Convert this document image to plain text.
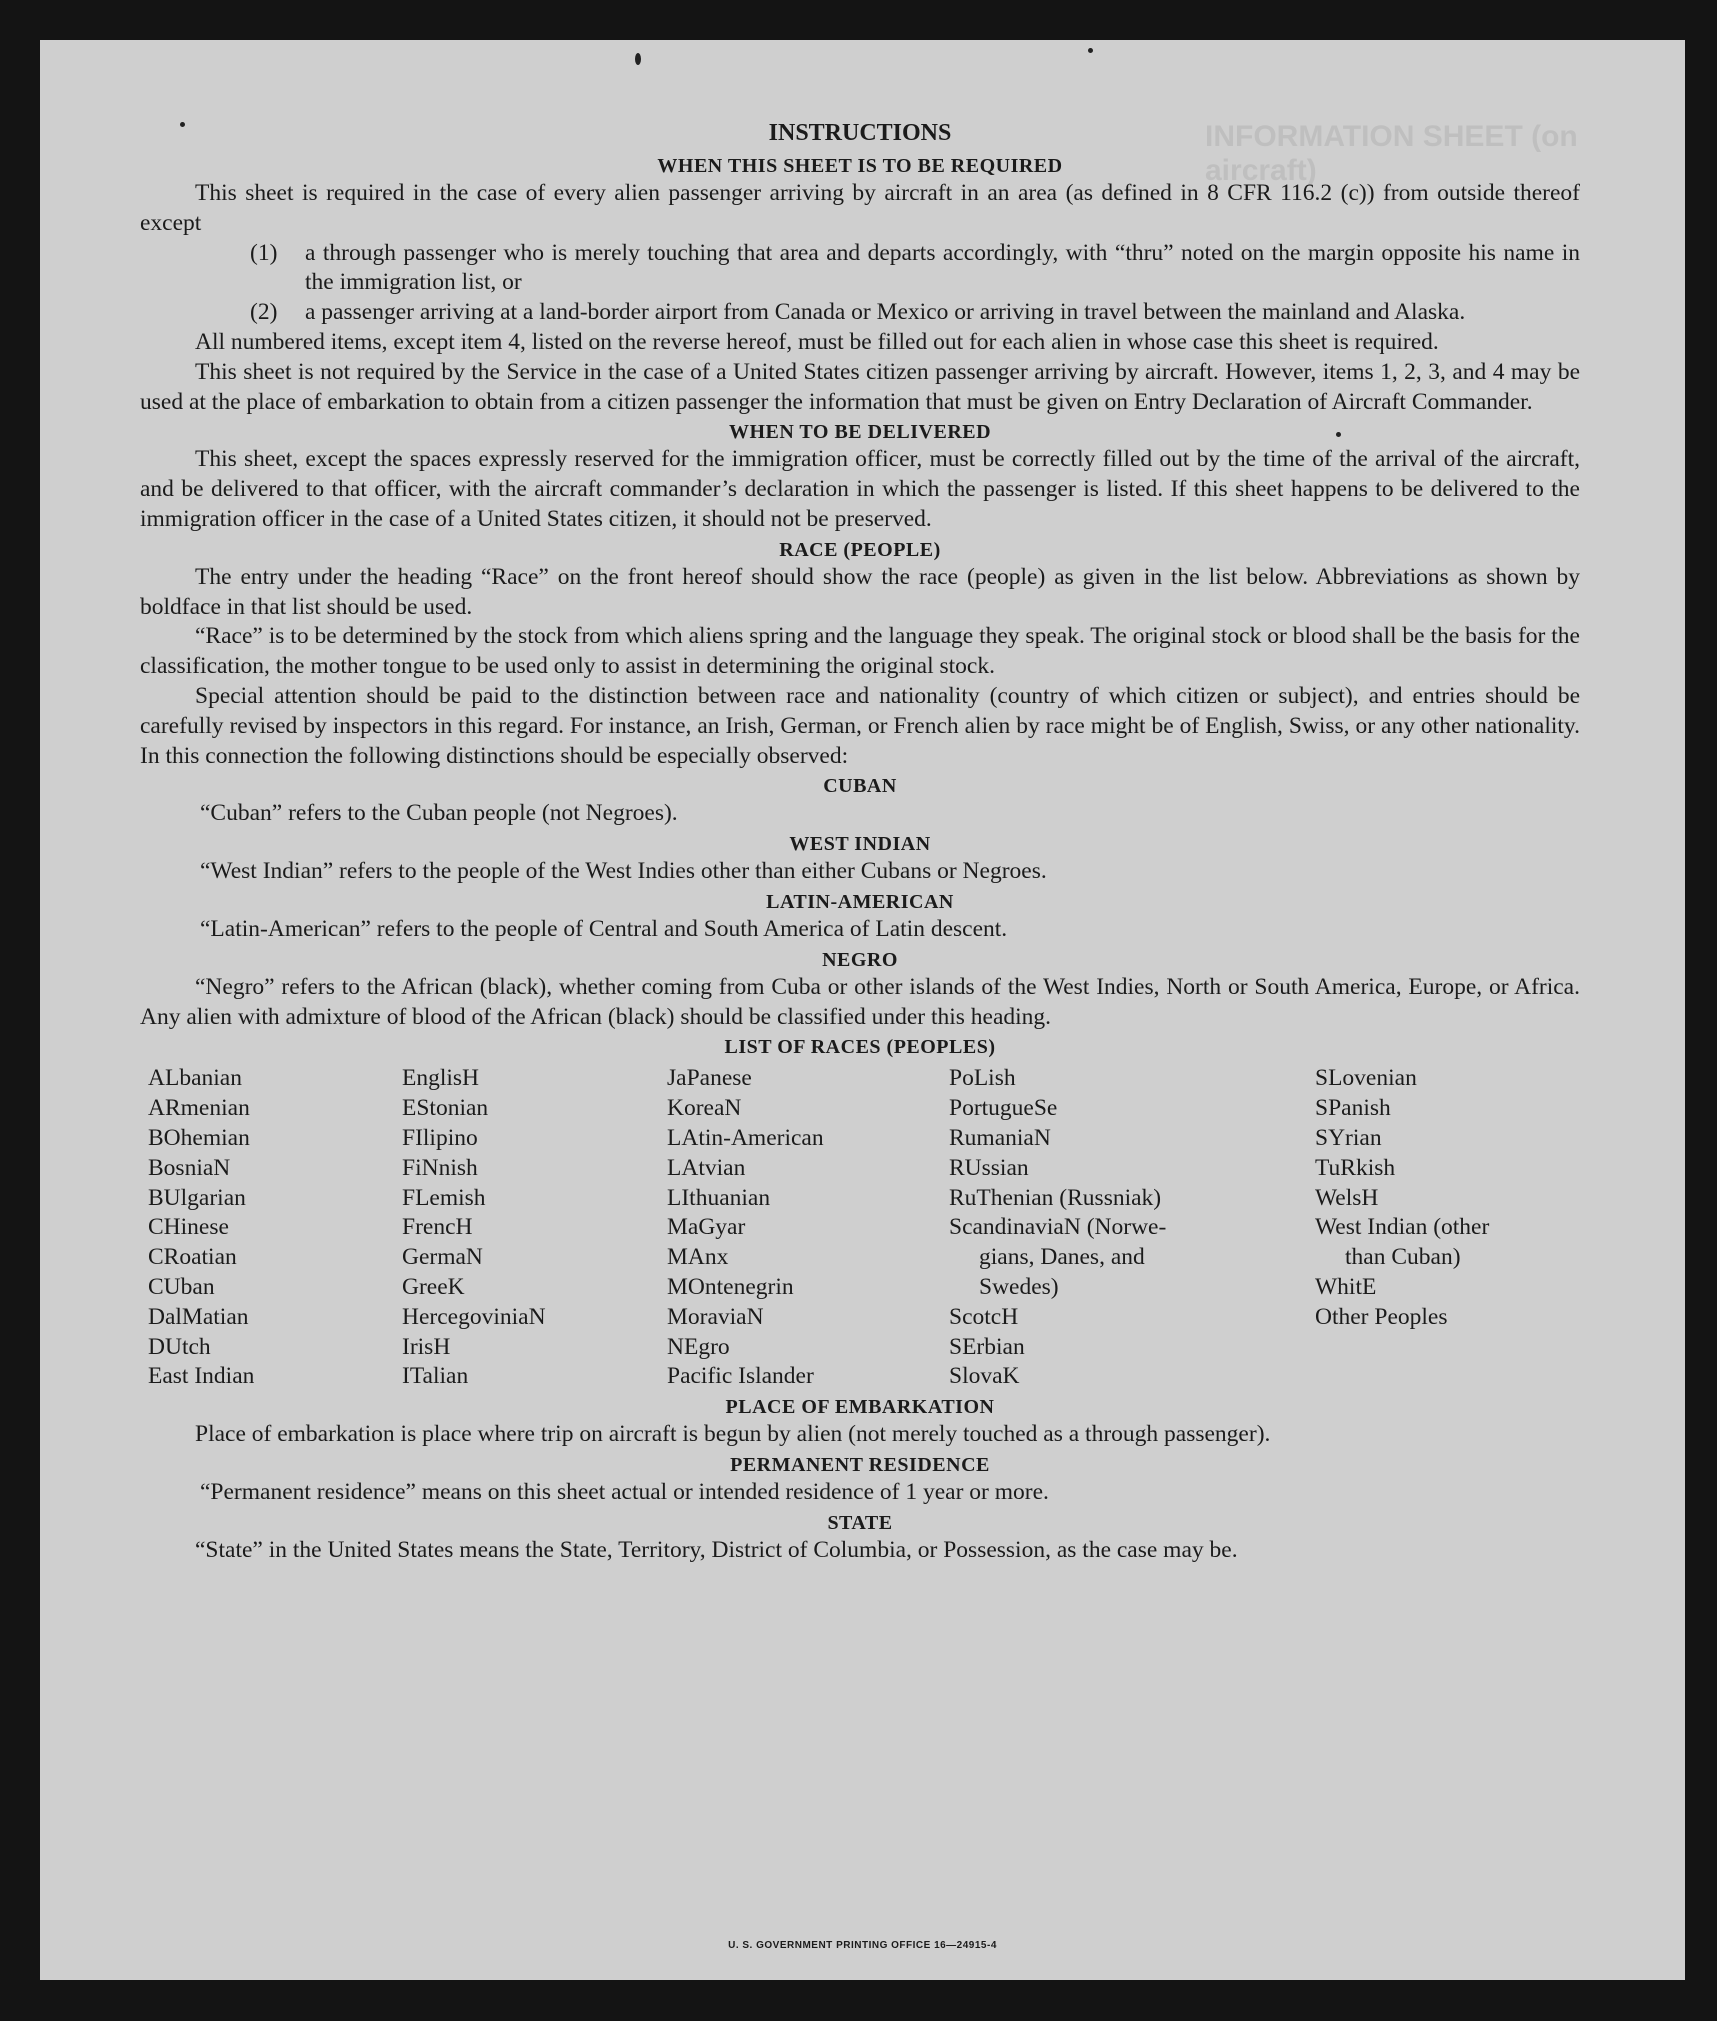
INFORMATION SHEET (on aircraft)
INSTRUCTIONS
WHEN THIS SHEET IS TO BE REQUIRED

This sheet is required in the case of every alien passenger arriving by aircraft in an area (as defined in 8 CFR 116.2 (c)) from outside thereof except

(1)	a through passenger who is merely touching that area and departs accordingly, with “thru” noted on the margin opposite his name in the immigration list, or
(2)	a passenger arriving at a land-border airport from Canada or Mexico or arriving in travel between the mainland and Alaska.

All numbered items, except item 4, listed on the reverse hereof, must be filled out for each alien in whose case this sheet is required.

This sheet is not required by the Service in the case of a United States citizen passenger arriving by aircraft. However, items 1, 2, 3, and 4 may be used at the place of embarkation to obtain from a citizen passenger the information that must be given on Entry Declaration of Aircraft Commander.

WHEN TO BE DELIVERED

This sheet, except the spaces expressly reserved for the immigration officer, must be correctly filled out by the time of the arrival of the aircraft, and be delivered to that officer, with the aircraft commander’s declaration in which the passenger is listed. If this sheet happens to be delivered to the immigration officer in the case of a United States citizen, it should not be preserved.

RACE (PEOPLE)

The entry under the heading “Race” on the front hereof should show the race (people) as given in the list below. Abbreviations as shown by boldface in that list should be used.

“Race” is to be determined by the stock from which aliens spring and the language they speak. The original stock or blood shall be the basis for the classification, the mother tongue to be used only to assist in determining the original stock.

Special attention should be paid to the distinction between race and nationality (country of which citizen or subject), and entries should be carefully revised by inspectors in this regard. For instance, an Irish, German, or French alien by race might be of English, Swiss, or any other nationality. In this connection the following distinctions should be especially observed:

CUBAN

“Cuban” refers to the Cuban people (not Negroes).

WEST INDIAN

“West Indian” refers to the people of the West Indies other than either Cubans or Negroes.

LATIN-AMERICAN

“Latin-American” refers to the people of Central and South America of Latin descent.

NEGRO

“Negro” refers to the African (black), whether coming from Cuba or other islands of the West Indies, North or South America, Europe, or Africa. Any alien with admixture of blood of the African (black) should be classified under this heading.

LIST OF RACES (PEOPLES)
ALbanian
ARmenian
BOhemian
BosniaN
BUlgarian
CHinese
CRoatian
CUban
DalMatian
DUtch
East Indian
EnglisH
EStonian
FIlipino
FiNnish
FLemish
FrencH
GermaN
GreeK
HercegoviniaN
IrisH
ITalian
JaPanese
KoreaN
LAtin-American
LAtvian
LIthuanian
MaGyar
MAnx
MOntenegrin
MoraviaN
NEgro
Pacific Islander
PoLish
PortugueSe
RumaniaN
RUssian
RuThenian (Russniak)
ScandinaviaN (Norwe-
gians, Danes, and
Swedes)
ScotcH
SErbian
SlovaK
SLovenian
SPanish
SYrian
TuRkish
WelsH
West Indian (other
than Cuban)
WhitE
Other Peoples
PLACE OF EMBARKATION

Place of embarkation is place where trip on aircraft is begun by alien (not merely touched as a through passenger).

PERMANENT RESIDENCE

“Permanent residence” means on this sheet actual or intended residence of 1 year or more.

STATE

“State” in the United States means the State, Territory, District of Columbia, or Possession, as the case may be.

U. S. GOVERNMENT PRINTING OFFICE 16—24915-4
